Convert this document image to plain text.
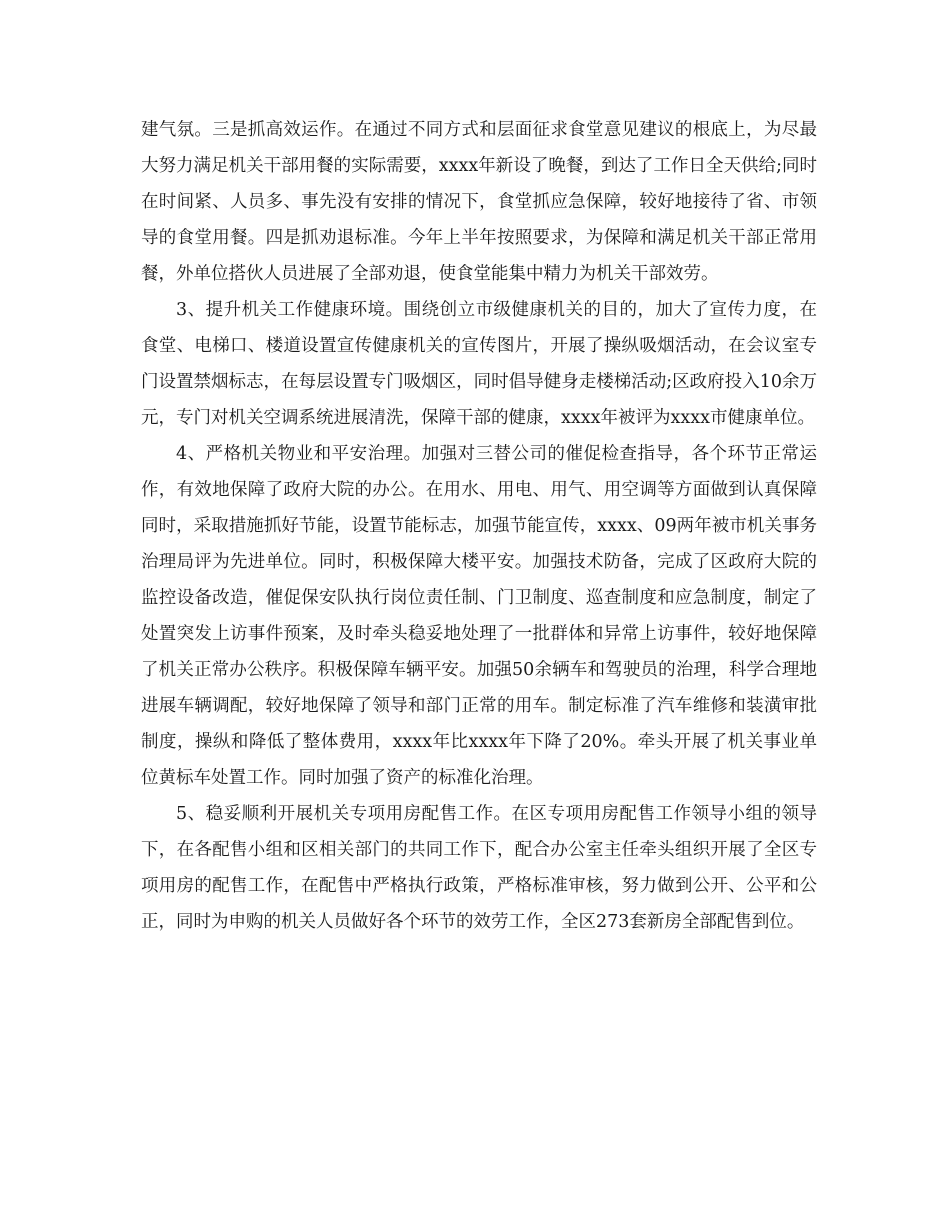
建气氛。三是抓高效运作。在通过不同方式和层面征求食堂意见建议的根底上，为尽最大努力满足机关干部用餐的实际需要，xxxx年新设了晚餐，到达了工作日全天供给;同时在时间紧、人员多、事先没有安排的情况下，食堂抓应急保障，较好地接待了省、市领导的食堂用餐。四是抓劝退标准。今年上半年按照要求，为保障和满足机关干部正常用餐，外单位搭伙人员进展了全部劝退，使食堂能集中精力为机关干部效劳。

3、提升机关工作健康环境。围绕创立市级健康机关的目的，加大了宣传力度，在食堂、电梯口、楼道设置宣传健康机关的宣传图片，开展了操纵吸烟活动，在会议室专门设置禁烟标志，在每层设置专门吸烟区，同时倡导健身走楼梯活动;区政府投入10余万元，专门对机关空调系统进展清洗，保障干部的健康，xxxx年被评为xxxx市健康单位。

4、严格机关物业和平安治理。加强对三替公司的催促检查指导，各个环节正常运作，有效地保障了政府大院的办公。在用水、用电、用气、用空调等方面做到认真保障同时，采取措施抓好节能，设置节能标志，加强节能宣传，xxxx、09两年被市机关事务治理局评为先进单位。同时，积极保障大楼平安。加强技术防备，完成了区政府大院的监控设备改造，催促保安队执行岗位责任制、门卫制度、巡查制度和应急制度，制定了处置突发上访事件预案，及时牵头稳妥地处理了一批群体和异常上访事件，较好地保障了机关正常办公秩序。积极保障车辆平安。加强50余辆车和驾驶员的治理，科学合理地进展车辆调配，较好地保障了领导和部门正常的用车。制定标准了汽车维修和装潢审批制度，操纵和降低了整体费用，xxxx年比xxxx年下降了20%。牵头开展了机关事业单位黄标车处置工作。同时加强了资产的标准化治理。

5、稳妥顺利开展机关专项用房配售工作。在区专项用房配售工作领导小组的领导下，在各配售小组和区相关部门的共同工作下，配合办公室主任牵头组织开展了全区专项用房的配售工作，在配售中严格执行政策，严格标准审核，努力做到公开、公平和公正，同时为申购的机关人员做好各个环节的效劳工作，全区273套新房全部配售到位。
